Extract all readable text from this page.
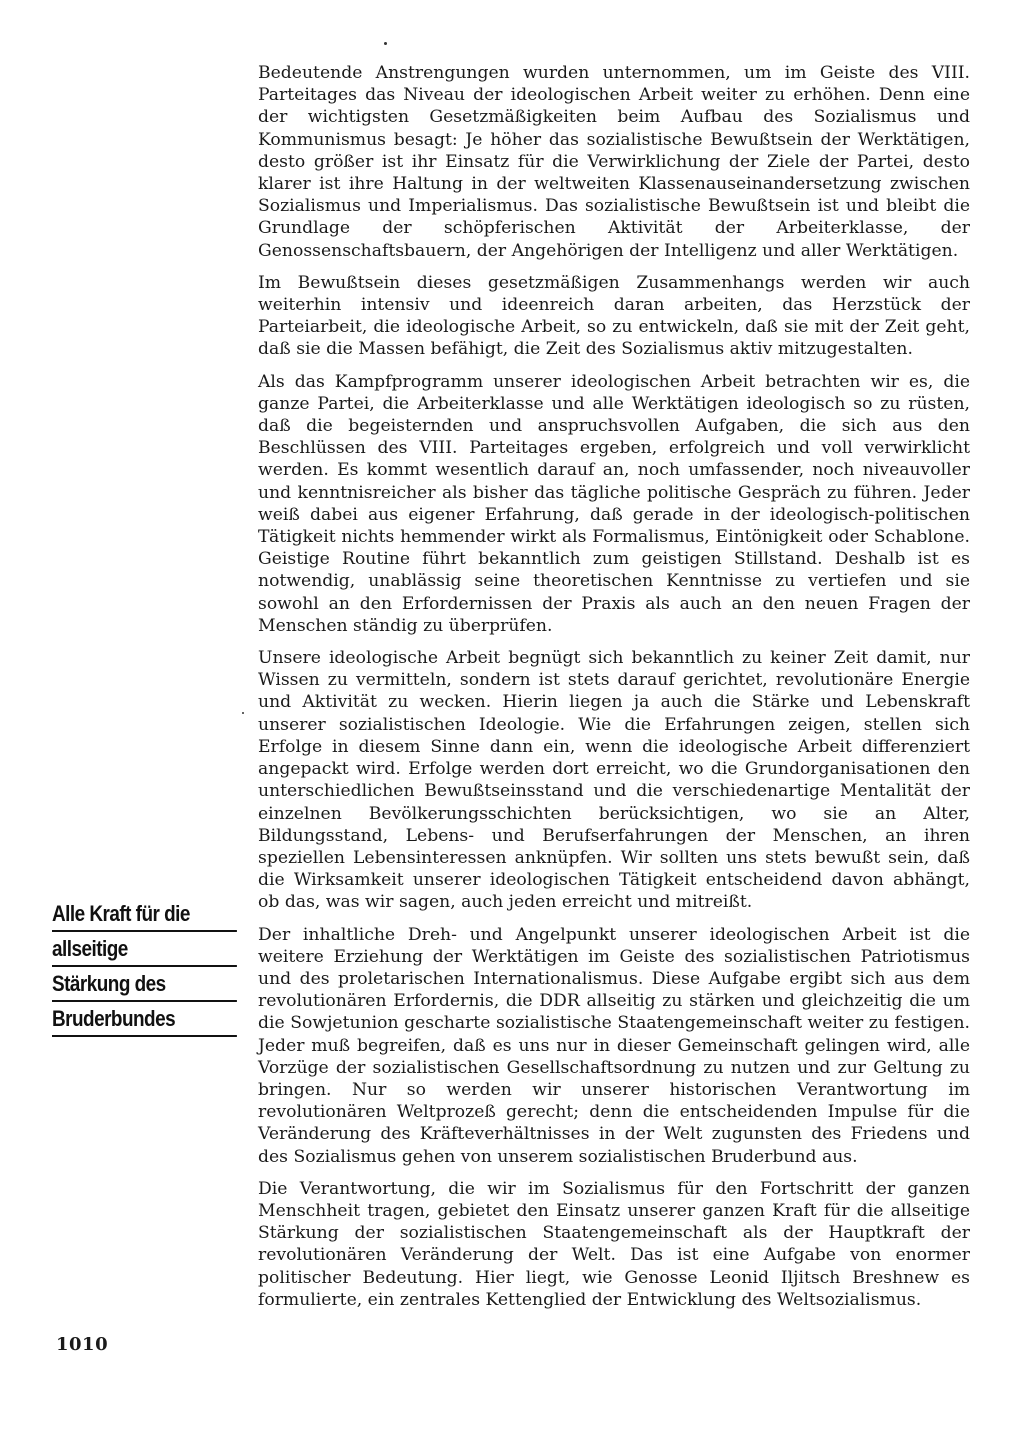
Bedeutende Anstrengungen wurden unternommen, um im Geiste des VIII. Parteitages das Niveau der ideologischen Arbeit weiter zu erhöhen. Denn eine der wichtigsten Gesetzmäßigkeiten beim Aufbau des Sozialismus und Kommunismus besagt: Je höher das sozialistische Bewußtsein der Werktätigen, desto größer ist ihr Einsatz für die Verwirklichung der Ziele der Partei, desto klarer ist ihre Haltung in der weltweiten Klassenauseinandersetzung zwischen Sozialismus und Imperialismus. Das sozialistische Bewußtsein ist und bleibt die Grundlage der schöpferischen Aktivität der Arbeiterklasse, der Genossenschaftsbauern, der Angehörigen der Intelligenz und aller Werktätigen.

Im Bewußtsein dieses gesetzmäßigen Zusammenhangs werden wir auch weiterhin intensiv und ideenreich daran arbeiten, das Herzstück der Parteiarbeit, die ideologische Arbeit, so zu entwickeln, daß sie mit der Zeit geht, daß sie die Massen befähigt, die Zeit des Sozialismus aktiv mitzugestalten.

Als das Kampfprogramm unserer ideologischen Arbeit betrachten wir es, die ganze Partei, die Arbeiterklasse und alle Werktätigen ideologisch so zu rüsten, daß die begeisternden und anspruchsvollen Aufgaben, die sich aus den Beschlüssen des VIII. Parteitages ergeben, erfolgreich und voll verwirklicht werden. Es kommt wesentlich darauf an, noch umfassender, noch niveauvoller und kenntnisreicher als bisher das tägliche politische Gespräch zu führen. Jeder weiß dabei aus eigener Erfahrung, daß gerade in der ideologisch-politischen Tätigkeit nichts hemmender wirkt als Formalismus, Eintönigkeit oder Schablone. Geistige Routine führt bekanntlich zum geistigen Stillstand. Deshalb ist es notwendig, unablässig seine theoretischen Kenntnisse zu vertiefen und sie sowohl an den Erfordernissen der Praxis als auch an den neuen Fragen der Menschen ständig zu überprüfen.

Unsere ideologische Arbeit begnügt sich bekanntlich zu keiner Zeit damit, nur Wissen zu vermitteln, sondern ist stets darauf gerichtet, revolutionäre Energie und Aktivität zu wecken. Hierin liegen ja auch die Stärke und Lebenskraft unserer sozialistischen Ideologie. Wie die Erfahrungen zeigen, stellen sich Erfolge in diesem Sinne dann ein, wenn die ideologische Arbeit differenziert angepackt wird. Erfolge werden dort erreicht, wo die Grundorganisationen den unterschiedlichen Bewußtseinsstand und die verschiedenartige Mentalität der einzelnen Bevölkerungsschichten berücksichtigen, wo sie an Alter, Bildungsstand, Lebens- und Berufserfahrungen der Menschen, an ihren speziellen Lebensinteressen anknüpfen. Wir sollten uns stets bewußt sein, daß die Wirksamkeit unserer ideologischen Tätigkeit entscheidend davon abhängt, ob das, was wir sagen, auch jeden erreicht und mitreißt.

Der inhaltliche Dreh- und Angelpunkt unserer ideologischen Arbeit ist die weitere Erziehung der Werktätigen im Geiste des sozialistischen Patriotismus und des proletarischen Internationalismus. Diese Aufgabe ergibt sich aus dem revolutionären Erfordernis, die DDR allseitig zu stärken und gleichzeitig die um die Sowjetunion gescharte sozialistische Staatengemeinschaft weiter zu festigen. Jeder muß begreifen, daß es uns nur in dieser Gemeinschaft gelingen wird, alle Vorzüge der sozialistischen Gesellschaftsordnung zu nutzen und zur Geltung zu bringen. Nur so werden wir unserer historischen Verantwortung im revolutionären Weltprozeß gerecht; denn die entscheidenden Impulse für die Veränderung des Kräfteverhältnisses in der Welt zugunsten des Friedens und des Sozialismus gehen von unserem sozialistischen Bruderbund aus.

Die Verantwortung, die wir im Sozialismus für den Fortschritt der ganzen Menschheit tragen, gebietet den Einsatz unserer ganzen Kraft für die allseitige Stärkung der sozialistischen Staatengemeinschaft als der Hauptkraft der revolutionären Veränderung der Welt. Das ist eine Aufgabe von enormer politischer Bedeutung. Hier liegt, wie Genosse Leonid Iljitsch Breshnew es formulierte, ein zentrales Kettenglied der Entwicklung des Weltsozialismus.

Alle Kraft für die
allseitige
Stärkung des
Bruderbundes
1010
